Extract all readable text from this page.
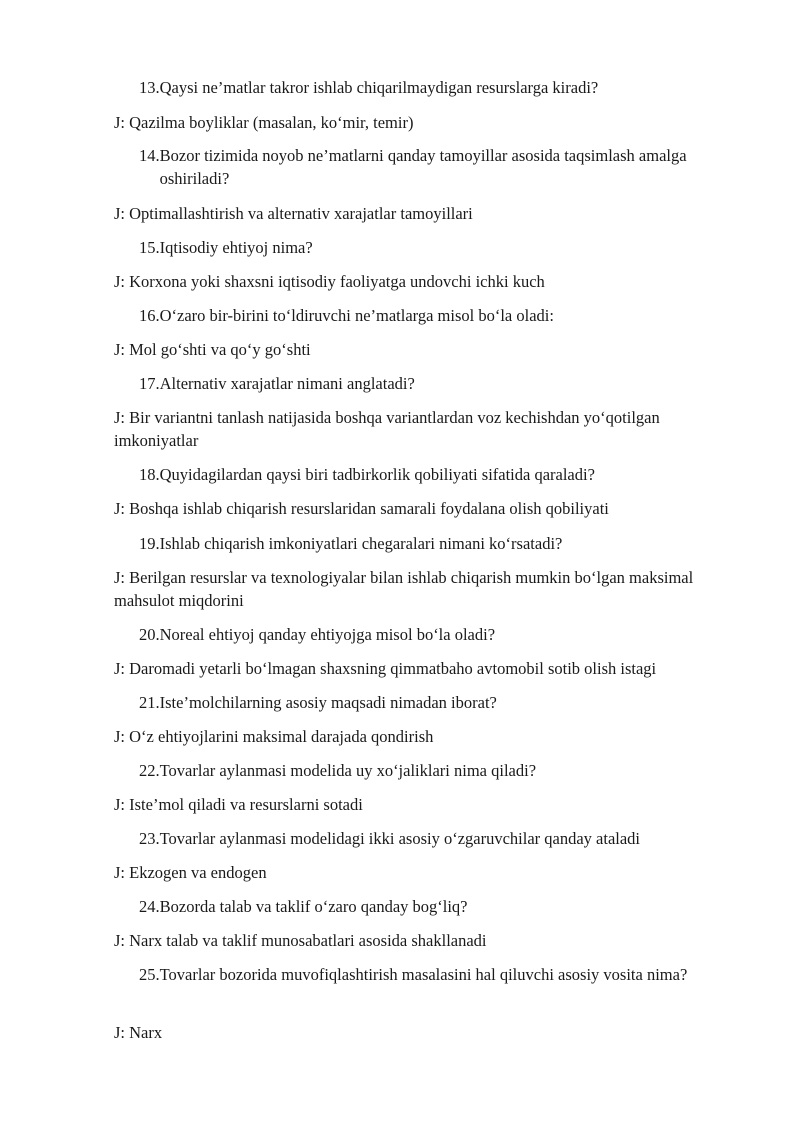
13. Qaysi ne’matlar takror ishlab chiqarilmaydigan resurslarga kiradi?
J: Qazilma boyliklar (masalan, ko‘mir, temir)
14. Bozor tizimida noyob ne’matlarni qanday tamoyillar asosida taqsimlash amalga oshiriladi?
J: Optimallashtirish va alternativ xarajatlar tamoyillari
15. Iqtisodiy ehtiyoj nima?
J: Korxona yoki shaxsni iqtisodiy faoliyatga undovchi ichki kuch
16. O‘zaro bir-birini to‘ldiruvchi ne’matlarga misol bo‘la oladi:
J: Mol go‘shti va qo‘y go‘shti
17. Alternativ xarajatlar nimani anglatadi?
J: Bir variantni tanlash natijasida boshqa variantlardan voz kechishdan yo‘qotilgan imkoniyatlar
18. Quyidagilardan qaysi biri tadbirkorlik qobiliyati sifatida qaraladi?
J: Boshqa ishlab chiqarish resurslaridan samarali foydalana olish qobiliyati
19. Ishlab chiqarish imkoniyatlari chegaralari nimani ko‘rsatadi?
J: Berilgan resurslar va texnologiyalar bilan ishlab chiqarish mumkin bo‘lgan maksimal mahsulot miqdorini
20. Noreal ehtiyoj qanday ehtiyojga misol bo‘la oladi?
J: Daromadi yetarli bo‘lmagan shaxsning qimmatbaho avtomobil sotib olish istagi
21. Iste’molchilarning asosiy maqsadi nimadan iborat?
J: O‘z ehtiyojlarini maksimal darajada qondirish
22. Tovarlar aylanmasi modelida uy xo‘jaliklari nima qiladi?
J: Iste’mol qiladi va resurslarni sotadi
23. Tovarlar aylanmasi modelidagi ikki asosiy o‘zgaruvchilar qanday ataladi
J: Ekzogen va endogen
24. Bozorda talab va taklif o‘zaro qanday bog‘liq?
J: Narx talab va taklif munosabatlari asosida shakllanadi
25. Tovarlar bozorida muvofiqlashtirish masalasini hal qiluvchi asosiy vosita nima?
J: Narx
